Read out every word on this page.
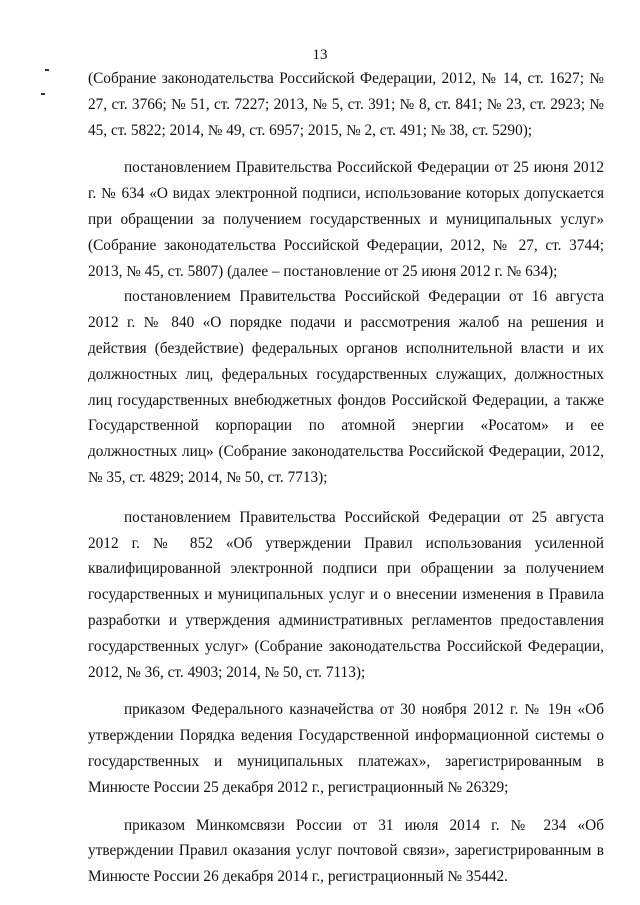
13

(Собрание законодательства Российской Федерации, 2012, № 14, ст. 1627; № 27, ст. 3766; № 51, ст. 7227; 2013, № 5, ст. 391; № 8, ст. 841; № 23, ст. 2923; № 45, ст. 5822; 2014, № 49, ст. 6957; 2015, № 2, ст. 491; № 38, ст. 5290);

постановлением Правительства Российской Федерации от 25 июня 2012 г. № 634 «О видах электронной подписи, использование которых допускается при обращении за получением государственных и муниципальных услуг» (Собрание законодательства Российской Федерации, 2012, № 27, ст. 3744; 2013, № 45, ст. 5807) (далее – постановление от 25 июня 2012 г. № 634);

постановлением Правительства Российской Федерации от 16 августа 2012 г. № 840 «О порядке подачи и рассмотрения жалоб на решения и действия (бездействие) федеральных органов исполнительной власти и их должностных лиц, федеральных государственных служащих, должностных лиц государственных внебюджетных фондов Российской Федерации, а также Государственной корпорации по атомной энергии «Росатом» и ее должностных лиц» (Собрание законодательства Российской Федерации, 2012, № 35, ст. 4829; 2014, № 50, ст. 7713);

постановлением Правительства Российской Федерации от 25 августа 2012 г. № 852 «Об утверждении Правил использования усиленной квалифицированной электронной подписи при обращении за получением государственных и муниципальных услуг и о внесении изменения в Правила разработки и утверждения административных регламентов предоставления государственных услуг» (Собрание законодательства Российской Федерации, 2012, № 36, ст. 4903; 2014, № 50, ст. 7113);

приказом Федерального казначейства от 30 ноября 2012 г. № 19н «Об утверждении Порядка ведения Государственной информационной системы о государственных и муниципальных платежах», зарегистрированным в Минюсте России 25 декабря 2012 г., регистрационный № 26329;

приказом Минкомсвязи России от 31 июля 2014 г. № 234 «Об утверждении Правил оказания услуг почтовой связи», зарегистрированным в Минюсте России 26 декабря 2014 г., регистрационный № 35442.
